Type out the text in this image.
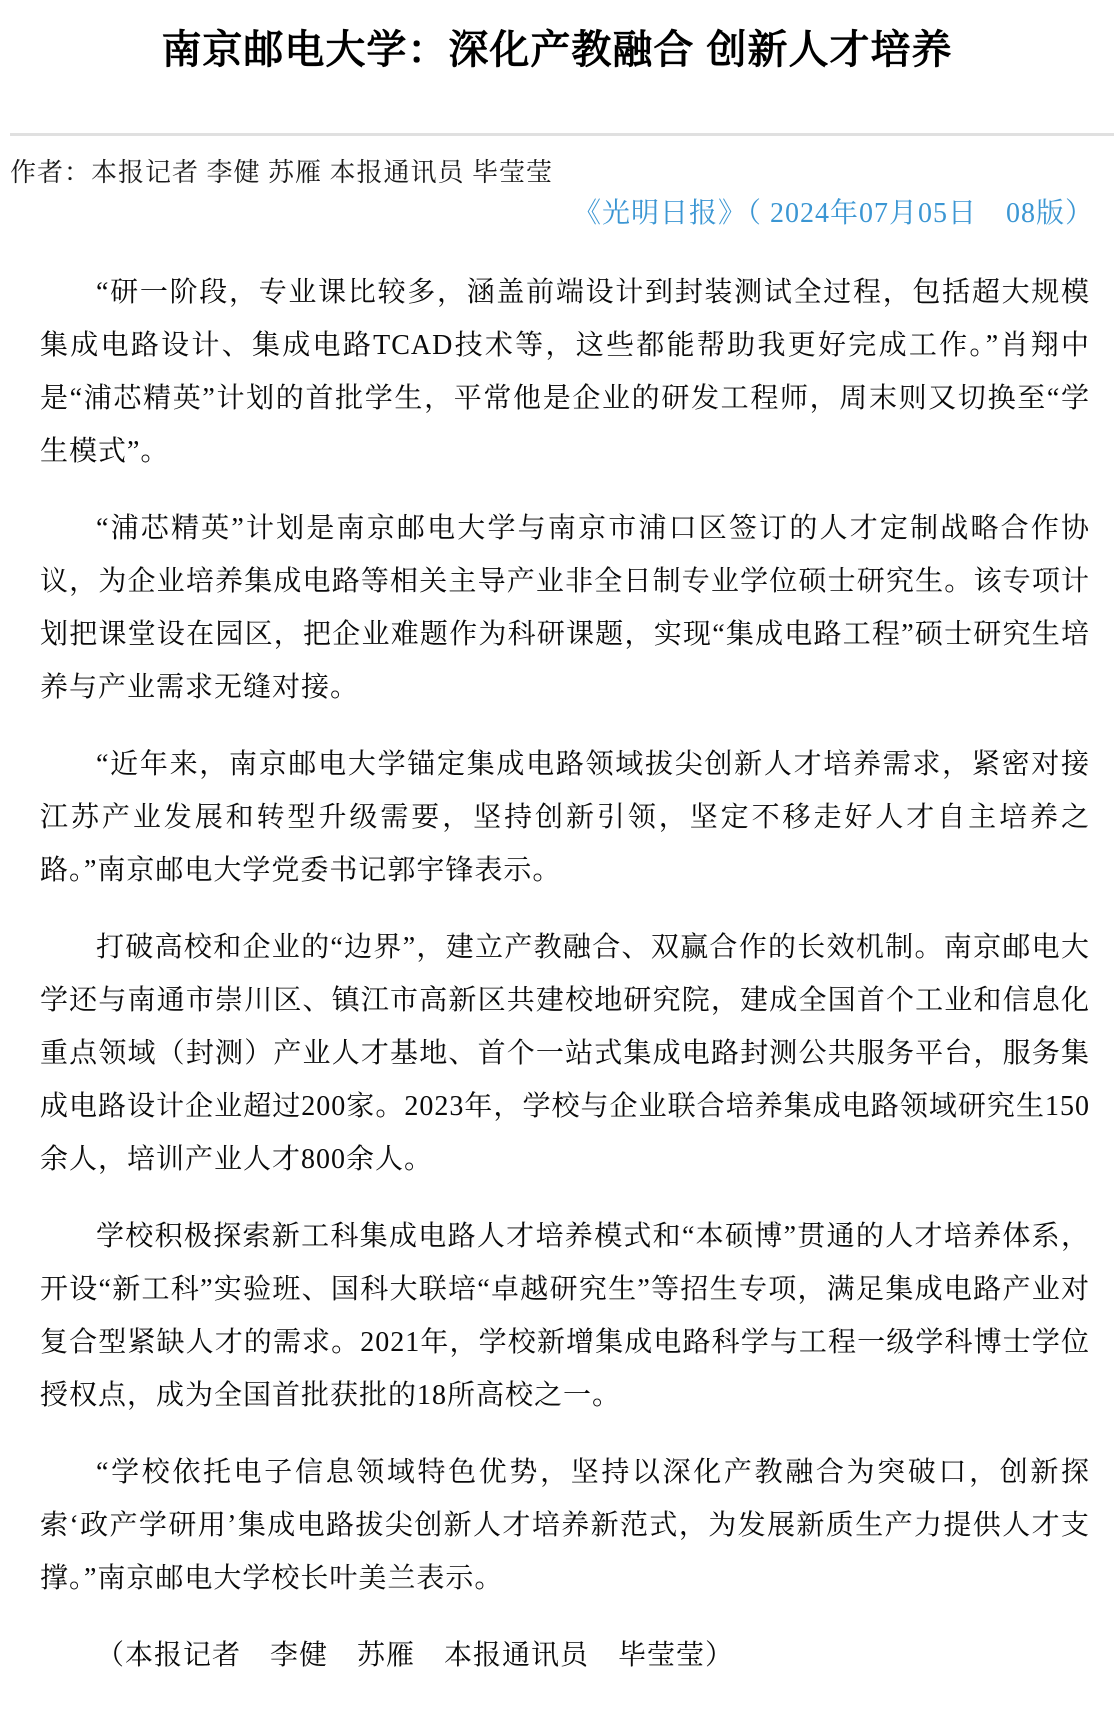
南京邮电大学：深化产教融合 创新人才培养
作者：本报记者 李健 苏雁 本报通讯员 毕莹莹
《光明日报》（ 2024年07月05日　08版）

“研一阶段，专业课比较多，涵盖前端设计到封装测试全过程，包括超大规模集成电路设计、集成电路TCAD技术等，这些都能帮助我更好完成工作。”肖翔中是“浦芯精英”计划的首批学生，平常他是企业的研发工程师，周末则又切换至“学生模式”。

“浦芯精英”计划是南京邮电大学与南京市浦口区签订的人才定制战略合作协议，为企业培养集成电路等相关主导产业非全日制专业学位硕士研究生。该专项计划把课堂设在园区，把企业难题作为科研课题，实现“集成电路工程”硕士研究生培养与产业需求无缝对接。

“近年来，南京邮电大学锚定集成电路领域拔尖创新人才培养需求，紧密对接江苏产业发展和转型升级需要，坚持创新引领，坚定不移走好人才自主培养之路。”南京邮电大学党委书记郭宇锋表示。

打破高校和企业的“边界”，建立产教融合、双赢合作的长效机制。南京邮电大学还与南通市崇川区、镇江市高新区共建校地研究院，建成全国首个工业和信息化重点领域（封测）产业人才基地、首个一站式集成电路封测公共服务平台，服务集成电路设计企业超过200家。2023年，学校与企业联合培养集成电路领域研究生150余人，培训产业人才800余人。

学校积极探索新工科集成电路人才培养模式和“本硕博”贯通的人才培养体系，开设“新工科”实验班、国科大联培“卓越研究生”等招生专项，满足集成电路产业对复合型紧缺人才的需求。2021年，学校新增集成电路科学与工程一级学科博士学位授权点，成为全国首批获批的18所高校之一。

“学校依托电子信息领域特色优势，坚持以深化产教融合为突破口，创新探索‘政产学研用’集成电路拔尖创新人才培养新范式，为发展新质生产力提供人才支撑。”南京邮电大学校长叶美兰表示。

（本报记者　李健　苏雁　本报通讯员　毕莹莹）
